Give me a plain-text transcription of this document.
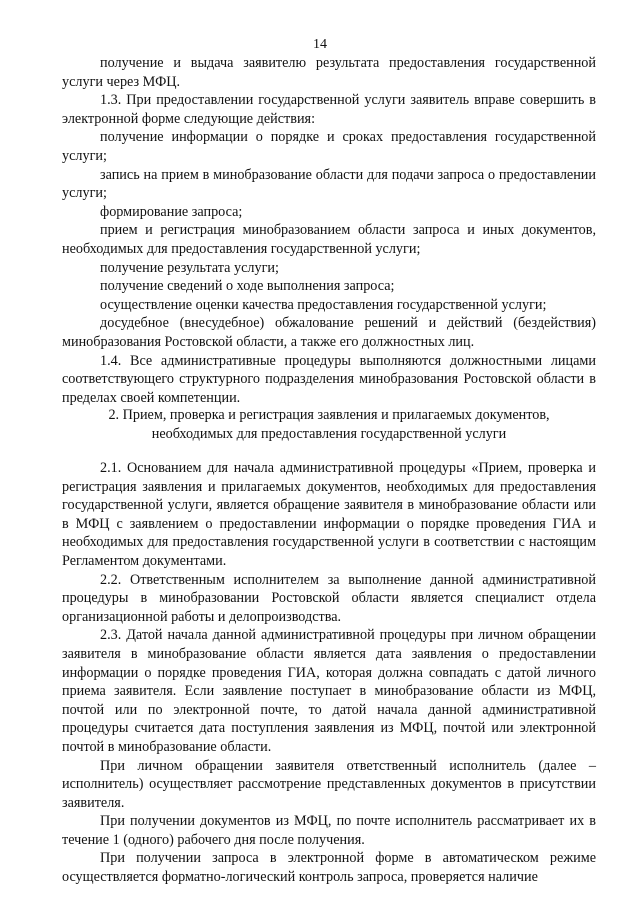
14

получение и выдача заявителю результата предоставления государственной услуги через МФЦ.

1.3. При предоставлении государственной услуги заявитель вправе совершить в электронной форме следующие действия:

получение информации о порядке и сроках предоставления государственной услуги;

запись на прием в минобразование области для подачи запроса о предоставлении услуги;

формирование запроса;

прием и регистрация минобразованием области запроса и иных документов, необходимых для предоставления государственной услуги;

получение результата услуги;

получение сведений о ходе выполнения запроса;

осуществление оценки качества предоставления государственной услуги;

досудебное (внесудебное) обжалование решений и действий (бездействия) минобразования Ростовской области, а также его должностных лиц.

1.4. Все административные процедуры выполняются должностными лицами соответствующего структурного подразделения минобразования Ростовской области в пределах своей компетенции.

2. Прием, проверка и регистрация заявления и прилагаемых документов,
необходимых для предоставления государственной услуги

2.1. Основанием для начала административной процедуры «Прием, проверка и регистрация заявления и прилагаемых документов, необходимых для предоставления государственной услуги, является обращение заявителя в минобразование области или в МФЦ с заявлением о предоставлении информации о порядке проведения ГИА и необходимых для предоставления государственной услуги в соответствии с настоящим Регламентом документами.

2.2. Ответственным исполнителем за выполнение данной административной процедуры в минобразовании Ростовской области является специалист отдела организационной работы и делопроизводства.

2.3. Датой начала данной административной процедуры при личном обращении заявителя в минобразование области является дата заявления о предоставлении информации о порядке проведения ГИА, которая должна совпадать с датой личного приема заявителя. Если заявление поступает в минобразование области из МФЦ, почтой или по электронной почте, то датой начала данной административной процедуры считается дата поступления заявления из МФЦ, почтой или электронной почтой в минобразование области.

При личном обращении заявителя ответственный исполнитель (далее – исполнитель) осуществляет рассмотрение представленных документов в присутствии заявителя.

При получении документов из МФЦ, по почте исполнитель рассматривает их в течение 1 (одного) рабочего дня после получения.

При получении запроса в электронной форме в автоматическом режиме осуществляется форматно-логический контроль запроса, проверяется наличие
